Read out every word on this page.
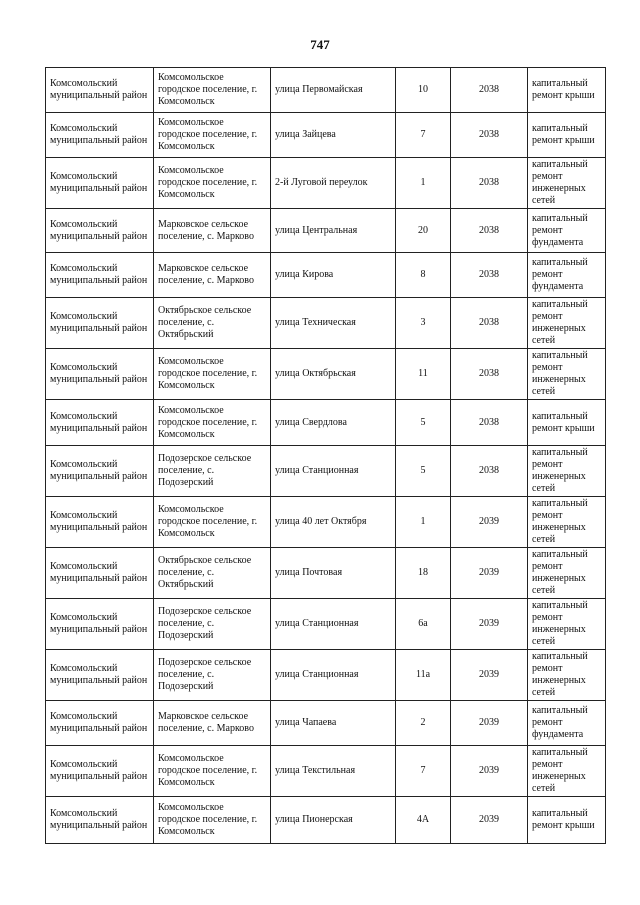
747
Комсомольский муниципальный район	Комсомольское городское поселение, г. Комсомольск	улица Первомайская	10	2038	капитальный ремонт крыши
Комсомольский муниципальный район	Комсомольское городское поселение, г. Комсомольск	улица Зайцева	7	2038	капитальный ремонт крыши
Комсомольский муниципальный район	Комсомольское городское поселение, г. Комсомольск	2-й Луговой переулок	1	2038	капитальный ремонт инженерных сетей
Комсомольский муниципальный район	Марковское сельское поселение, с. Марково	улица Центральная	20	2038	капитальный ремонт фундамента
Комсомольский муниципальный район	Марковское сельское поселение, с. Марково	улица Кирова	8	2038	капитальный ремонт фундамента
Комсомольский муниципальный район	Октябрьское сельское поселение, с. Октябрьский	улица Техническая	3	2038	капитальный ремонт инженерных сетей
Комсомольский муниципальный район	Комсомольское городское поселение, г. Комсомольск	улица Октябрьская	11	2038	капитальный ремонт инженерных сетей
Комсомольский муниципальный район	Комсомольское городское поселение, г. Комсомольск	улица Свердлова	5	2038	капитальный ремонт крыши
Комсомольский муниципальный район	Подозерское сельское поселение, с. Подозерский	улица Станционная	5	2038	капитальный ремонт инженерных сетей
Комсомольский муниципальный район	Комсомольское городское поселение, г. Комсомольск	улица 40 лет Октября	1	2039	капитальный ремонт инженерных сетей
Комсомольский муниципальный район	Октябрьское сельское поселение, с. Октябрьский	улица Почтовая	18	2039	капитальный ремонт инженерных сетей
Комсомольский муниципальный район	Подозерское сельское поселение, с. Подозерский	улица Станционная	6а	2039	капитальный ремонт инженерных сетей
Комсомольский муниципальный район	Подозерское сельское поселение, с. Подозерский	улица Станционная	11а	2039	капитальный ремонт инженерных сетей
Комсомольский муниципальный район	Марковское сельское поселение, с. Марково	улица Чапаева	2	2039	капитальный ремонт фундамента
Комсомольский муниципальный район	Комсомольское городское поселение, г. Комсомольск	улица Текстильная	7	2039	капитальный ремонт инженерных сетей
Комсомольский муниципальный район	Комсомольское городское поселение, г. Комсомольск	улица Пионерская	4А	2039	капитальный ремонт крыши
